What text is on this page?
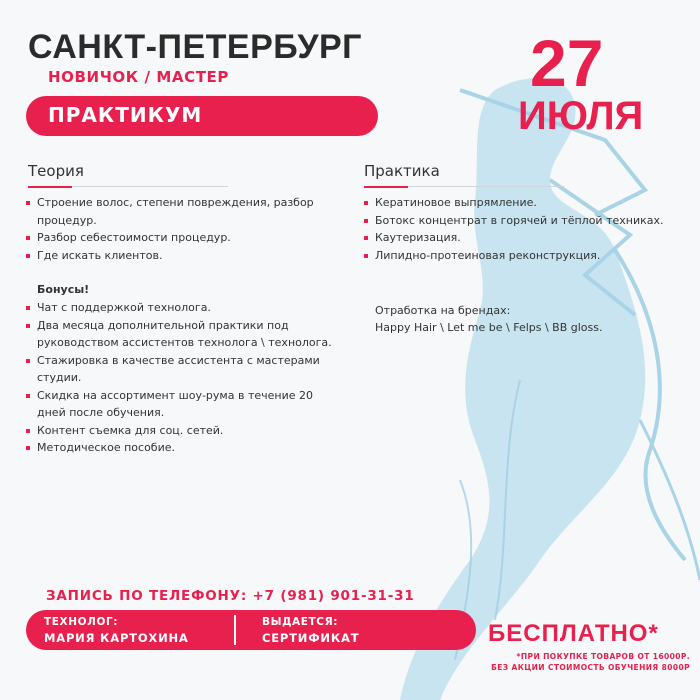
САНКТ-ПЕТЕРБУРГ
НОВИЧОК / МАСТЕР
ПРАКТИКУМ
27
ИЮЛЯ
Теория
Строение волос, степени повреждения, разбор процедур.
Разбор себестоимости процедур.
Где искать клиентов.
Бонусы!
Чат с поддержкой технолога.
Два месяца дополнительной практики под руководством ассистентов технолога \ технолога.
Стажировка в качестве ассистента с мастерами студии.
Скидка на ассортимент шоу-рума в течение 20 дней после обучения.
Контент съемка для соц. сетей.
Методическое пособие.
Практика
Кератиновое выпрямление.
Ботокс концентрат в горячей и тёплой техниках.
Каутеризация.
Липидно-протеиновая реконструкция.
Отработка на брендах:
Happy Hair \ Let me be \ Felps \ BB gloss.
ЗАПИСЬ ПО ТЕЛЕФОНУ: +7 (981) 901-31-31
ТЕХНОЛОГ:
МАРИЯ КАРТОХИНА
ВЫДАЕТСЯ:
СЕРТИФИКАТ	БЕСПЛАТНО*
*ПРИ ПОКУПКЕ ТОВАРОВ ОТ 16000Р.
БЕЗ АКЦИИ СТОИМОСТЬ ОБУЧЕНИЯ 8000Р
